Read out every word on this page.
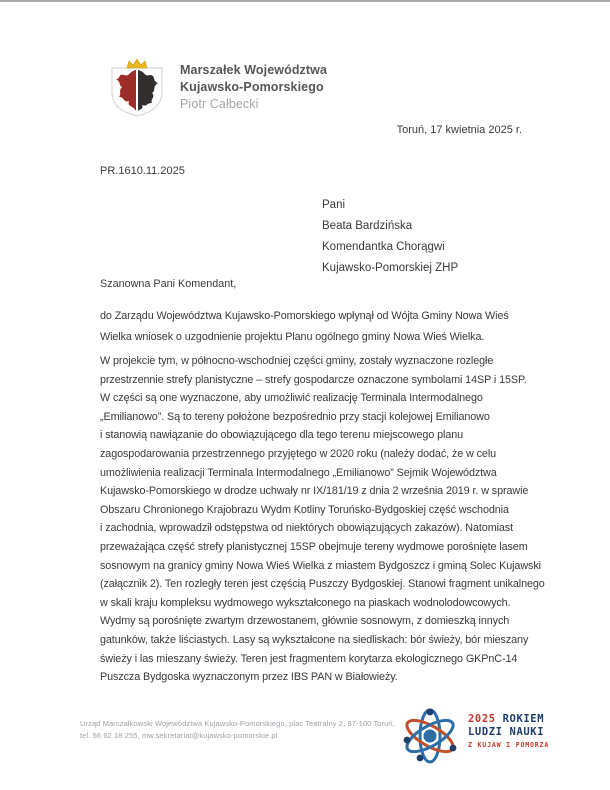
Marszałek Województwa
Kujawsko-Pomorskiego
Piotr Całbecki
Toruń, 17 kwietnia 2025 r.
PR.1610.11.2025
Pani
Beata Bardzińska
Komendantka Chorągwi
Kujawsko-Pomorskiej ZHP
Szanowna Pani Komendant,
do Zarządu Województwa Kujawsko-Pomorskiego wpłynął od Wójta Gminy Nowa Wieś
Wielka wniosek o uzgodnienie projektu Planu ogólnego gminy Nowa Wieś Wielka.
W projekcie tym, w północno-wschodniej części gminy, zostały wyznaczone rozległe
przestrzennie strefy planistyczne – strefy gospodarcze oznaczone symbolami 14SP i 15SP.
W części są one wyznaczone, aby umożliwić realizację Terminala Intermodalnego
„Emilianowo”. Są to tereny położone bezpośrednio przy stacji kolejowej Emilianowo
i stanowią nawiązanie do obowiązującego dla tego terenu miejscowego planu
zagospodarowania przestrzennego przyjętego w 2020 roku (należy dodać, że w celu
umożliwienia realizacji Terminala Intermodalnego „Emilianowo” Sejmik Województwa
Kujawsko-Pomorskiego w drodze uchwały nr IX/181/19 z dnia 2 września 2019 r. w sprawie
Obszaru Chronionego Krajobrazu Wydm Kotliny Toruńsko-Bydgoskiej część wschodnia
i zachodnia, wprowadził odstępstwa od niektórych obowiązujących zakazów). Natomiast
przeważająca część strefy planistycznej 15SP obejmuje tereny wydmowe porośnięte lasem
sosnowym na granicy gminy Nowa Wieś Wielka z miastem Bydgoszcz i gminą Solec Kujawski
(załącznik 2). Ten rozległy teren jest częścią Puszczy Bydgoskiej. Stanowi fragment unikalnego
w skali kraju kompleksu wydmowego wykształconego na piaskach wodnolodowcowych.
Wydmy są porośnięte zwartym drzewostanem, głównie sosnowym, z domieszką innych
gatunków, także liściastych. Lasy są wykształcone na siedliskach: bór świeży, bór mieszany
świeży i las mieszany świeży. Teren jest fragmentem korytarza ekologicznego GKPnC-14
Puszcza Bydgoska wyznaczonym przez IBS PAN w Białowieży.
Urząd Marszałkowski Województwa Kujawsko-Pomorskiego, plac Teatralny 2, 87-100 Toruń,
tel. 56 62 18 255, mw.sekretariat@kujawsko-pomorskie.pl
2025 ROKIEM
LUDZI NAUKI
Z KUJAW I POMORZA
